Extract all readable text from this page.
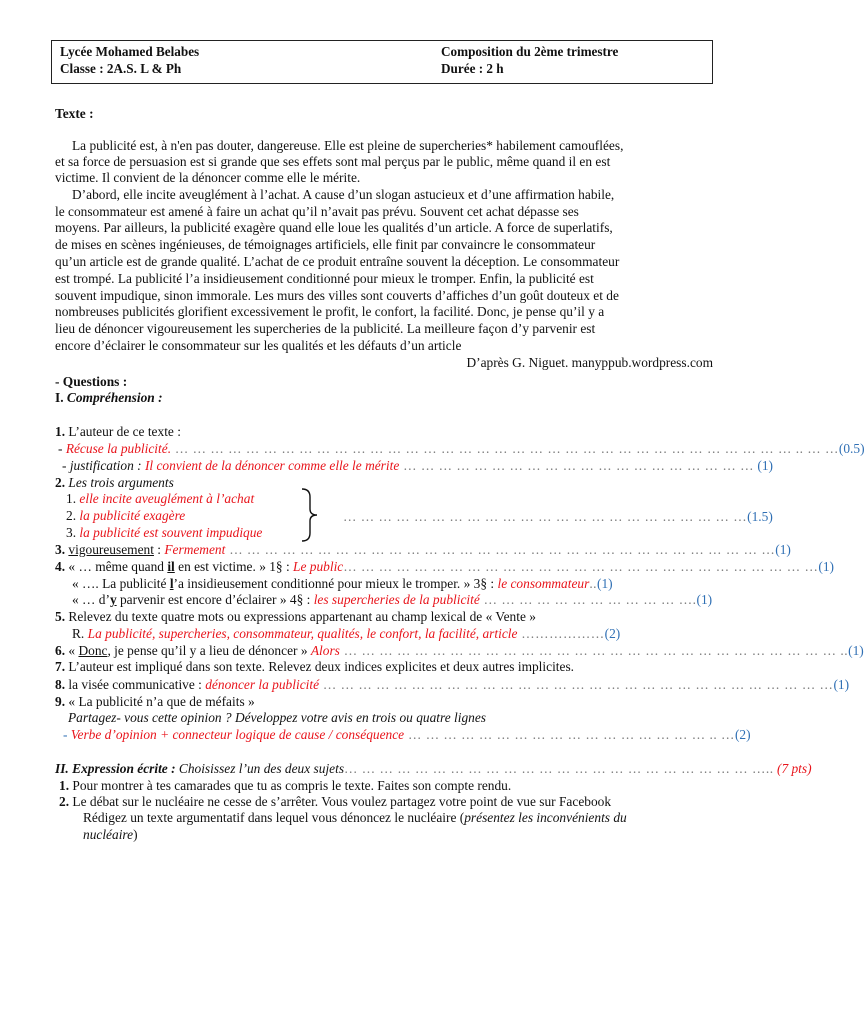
Lycée Mohamed Belabes
Classe : 2A.S. L & Ph
Composition du 2ème trimestre
Durée : 2 h
Texte :
La publicité est, à n'en pas douter, dangereuse. Elle est pleine de supercheries* habilement camouflées,
et sa force de persuasion est si grande que ses effets sont mal perçus par le public, même quand il en est
victime. Il convient de la dénoncer comme elle le mérite.
D’abord, elle incite aveuglément à l’achat. A cause d’un slogan astucieux et d’une affirmation habile,
le consommateur est amené à faire un achat qu’il n’avait pas prévu. Souvent cet achat dépasse ses
moyens. Par ailleurs, la publicité exagère quand elle loue les qualités d’un article. A force de superlatifs,
de mises en scènes ingénieuses, de témoignages artificiels, elle finit par convaincre le consommateur
qu’un article est de grande qualité. L’achat de ce produit entraîne souvent la déception. Le consommateur
est trompé. La publicité l’a insidieusement conditionné pour mieux le tromper. Enfin, la publicité est
souvent impudique, sinon immorale. Les murs des villes sont couverts d’affiches d’un goût douteux et de
nombreuses publicités glorifient excessivement le profit, le confort, la facilité. Donc, je pense qu’il y a
lieu de dénoncer vigoureusement les supercheries de la publicité. La meilleure façon d’y parvenir est
encore d’éclairer le consommateur sur les qualités et les défauts d’un article
D’après G. Niguet. manyppub.wordpress.com
- Questions :
I. Compréhension :
1. L’auteur de ce texte :
- Récuse la publicité. … … … … … … … … … … … … … … … … … … … … … … … … … … … … … … … … … … … .. … …(0.5)
- justification : Il convient de la dénoncer comme elle le mérite … … … … … … … … … … … … … … … … … … … … (1)
2. Les trois arguments
1. elle incite aveuglément à l’achat
2. la publicité exagère
3. la publicité est souvent impudique
… … … … … … … … … … … … … … … … … … … … … … …(1.5)
3. vigoureusement : Fermement … … … … … … … … … … … … … … … … … … … … … … … … … … … … … … …(1)
4. « … même quand il en est victime. » 1§ : Le public… … … … … … … … … … … … … … … … … … … … … … … … … … …(1)
« …. La publicité l’a insidieusement conditionné pour mieux le tromper. » 3§ : le consommateur..(1)
« … d’y parvenir est encore d’éclairer » 4§ : les supercheries de la publicité … … … … … … … … … … … ….(1)
5. Relevez du texte quatre mots ou expressions appartenant au champ lexical de « Vente »
R. La publicité, supercheries, consommateur, qualités, le confort, la facilité, article ………………(2)
6. « Donc, je pense qu’il y a lieu de dénoncer » Alors … … … … … … … … … … … … … … … … … … … … … … … … … … … … ..(1)
7. L’auteur est impliqué dans son texte. Relevez deux indices explicites et deux autres implicites.
8. la visée communicative : dénoncer la publicité … … … … … … … … … … … … … … … … … … … … … … … … … … … … …(1)
9. « La publicité n’a que de méfaits »
Partagez- vous cette opinion ? Développez votre avis en trois ou quatre lignes
- Verbe d’opinion + connecteur logique de cause / conséquence … … … … … … … … … … … … … … … … … .. …(2)
II. Expression écrite : Choisissez l’un des deux sujets… … … … … … … … … … … … … … … … … … … … … … … ….. (7 pts)
1. Pour montrer à tes camarades que tu as compris le texte. Faites son compte rendu.
2. Le débat sur le nucléaire ne cesse de s’arrêter. Vous voulez partagez votre point de vue sur Facebook
Rédigez un texte argumentatif dans lequel vous dénoncez le nucléaire (présentez les inconvénients du
nucléaire)
